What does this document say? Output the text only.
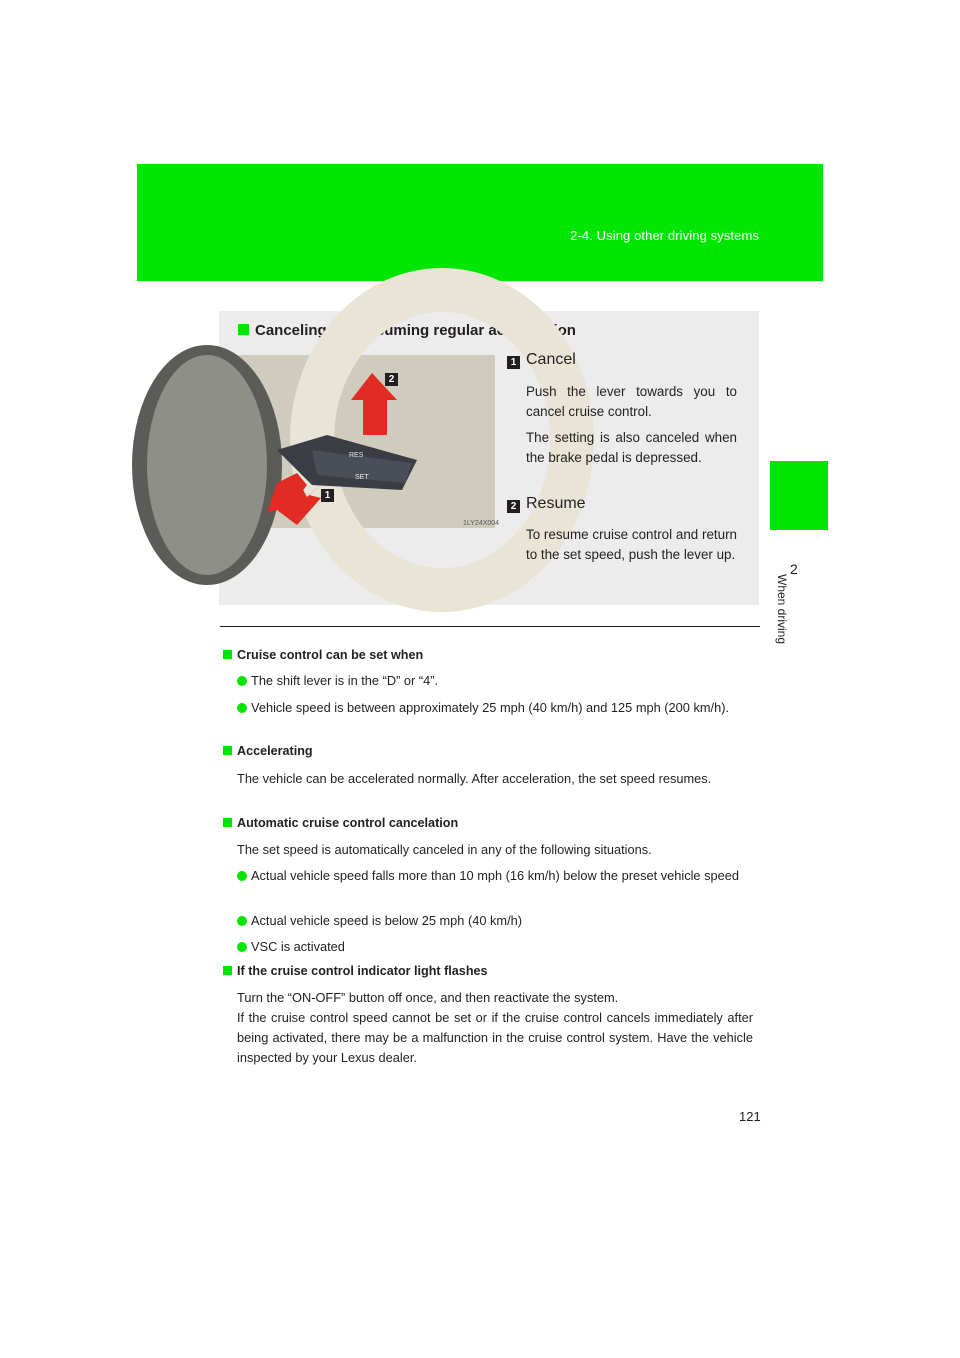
2-4. Using other driving systems
2
When driving
Canceling and resuming regular acceleration
RES
SET
1LY24X004
2
1
1 Cancel
Push the lever towards you to cancel cruise control.
The setting is also canceled when the brake pedal is depressed.
2 Resume
To resume cruise control and return to the set speed, push the lever up.
Cruise control can be set when
The shift lever is in the “D” or “4”.
Vehicle speed is between approximately 25 mph (40 km/h) and 125 mph (200 km/h).
Accelerating
The vehicle can be accelerated normally. After acceleration, the set speed resumes.
Automatic cruise control cancelation
The set speed is automatically canceled in any of the following situations.
Actual vehicle speed falls more than 10 mph (16 km/h) below the preset vehicle speed
Actual vehicle speed is below 25 mph (40 km/h)
VSC is activated
If the cruise control indicator light flashes
Turn the “ON-OFF” button off once, and then reactivate the system.
If the cruise control speed cannot be set or if the cruise control cancels immediately after being activated, there may be a malfunction in the cruise control system. Have the vehicle inspected by your Lexus dealer.
121
